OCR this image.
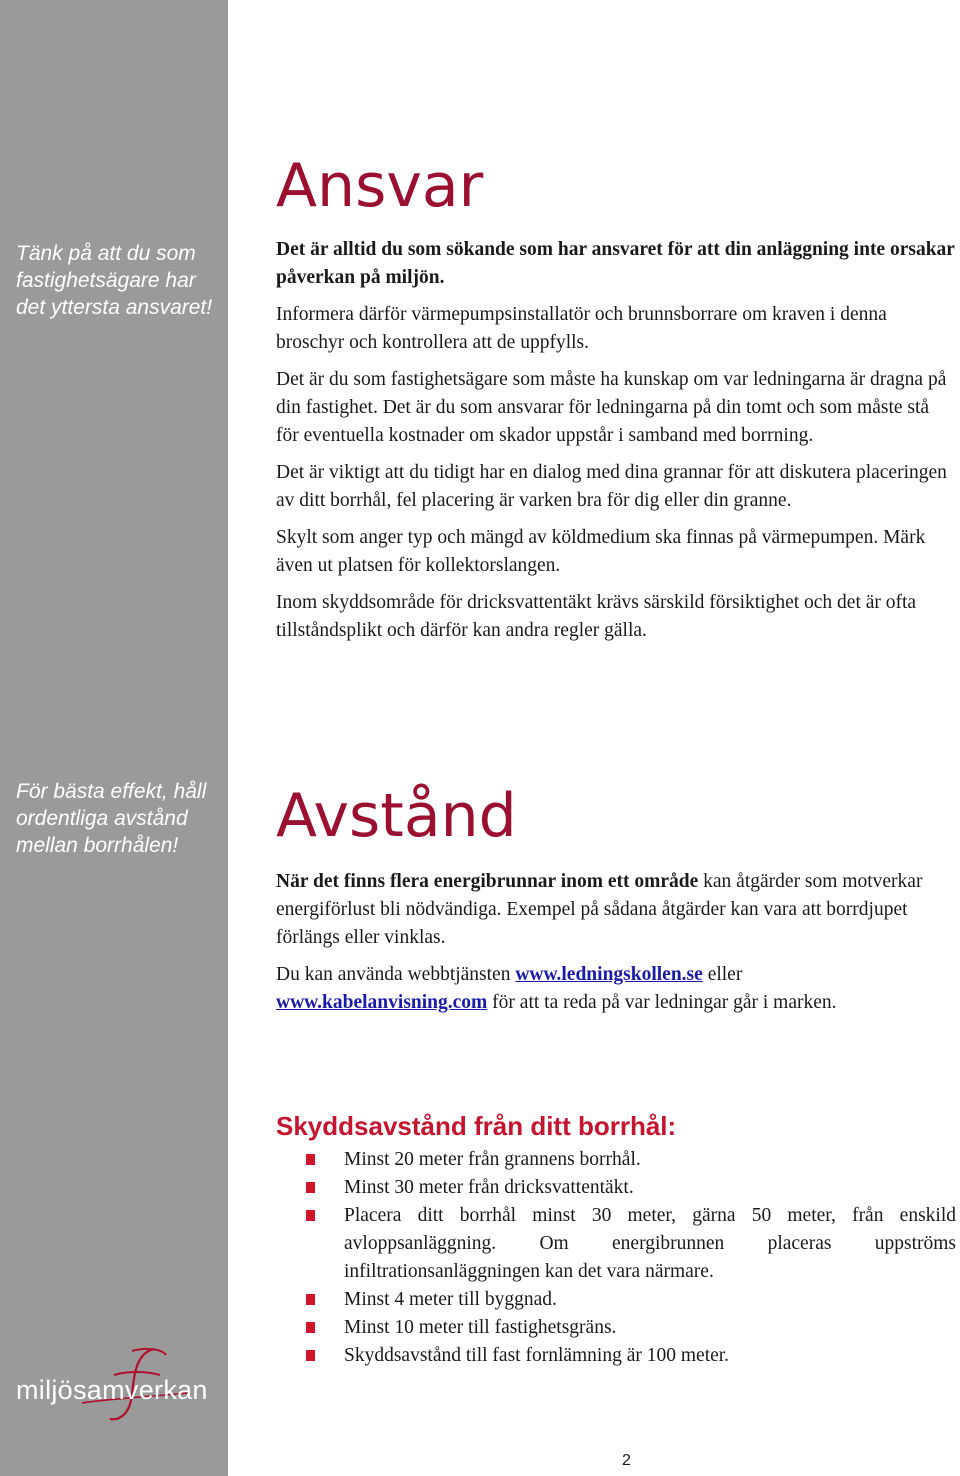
Tänk på att du som fastighetsägare har det yttersta ansvaret!
För bästa effekt, håll ordentliga avstånd mellan borrhålen!
miljösamverkan
Ansvar

Det är alltid du som sökande som har ansvaret för att din anläggning inte orsakar påverkan på miljön.

Informera därför värmepumpsinstallatör och brunnsborrare om kraven i denna broschyr och kontrollera att de uppfylls.

Det är du som fastighetsägare som måste ha kunskap om var ledningarna är dragna på din fastighet. Det är du som ansvarar för ledningarna på din tomt och som måste stå för eventuella kostnader om skador uppstår i samband med borrning.

Det är viktigt att du tidigt har en dialog med dina grannar för att diskutera placeringen av ditt borrhål, fel placering är varken bra för dig eller din granne.

Skylt som anger typ och mängd av köldmedium ska finnas på värmepumpen. Märk även ut platsen för kollektorslangen.

Inom skyddsområde för dricksvattentäkt krävs särskild försiktighet och det är ofta tillståndsplikt och därför kan andra regler gälla.

Avstånd

När det finns flera energibrunnar inom ett område kan åtgärder som motverkar energiförlust bli nödvändiga. Exempel på sådana åtgärder kan vara att borrdjupet förlängs eller vinklas.

Du kan använda webbtjänsten www.ledningskollen.se eller www.kabelanvisning.com för att ta reda på var ledningar går i marken.

Skyddsavstånd från ditt borrhål:
Minst 20 meter från grannens borrhål.
Minst 30 meter från dricksvattentäkt.
Placera ditt borrhål minst 30 meter, gärna 50 meter, från enskild avloppsanläggning. Om energibrunnen placeras uppströms infiltrationsanläggningen kan det vara närmare.
Minst 4 meter till byggnad.
Minst 10 meter till fastighetsgräns.
Skyddsavstånd till fast fornlämning är 100 meter.
2
